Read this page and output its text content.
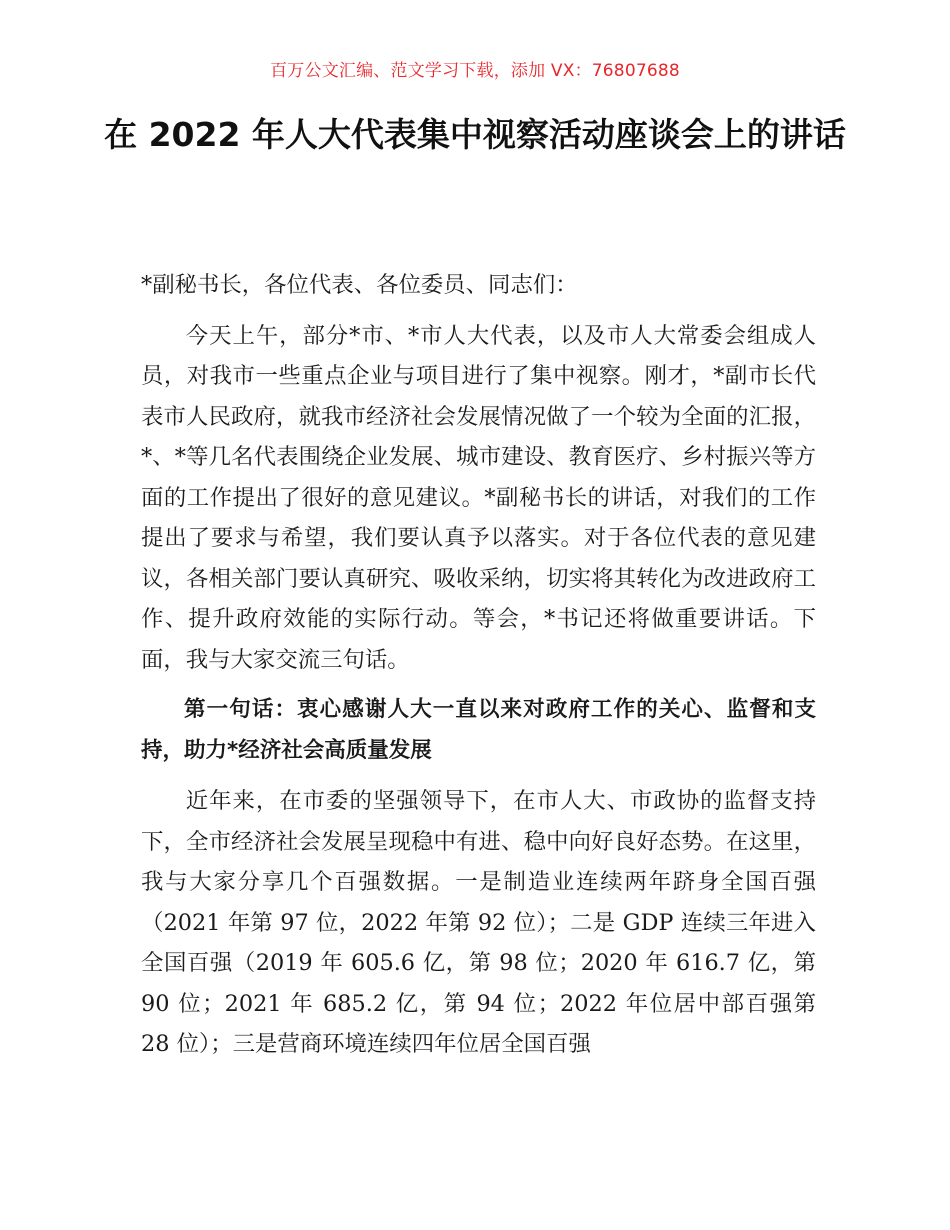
百万公文汇编、范文学习下载，添加 VX：76807688
在 2022 年人大代表集中视察活动座谈会上的讲话

*副秘书长，各位代表、各位委员、同志们：

今天上午，部分*市、*市人大代表，以及市人大常委会组成人员，对我市一些重点企业与项目进行了集中视察。刚才，*副市长代表市人民政府，就我市经济社会发展情况做了一个较为全面的汇报，*、*等几名代表围绕企业发展、城市建设、教育医疗、乡村振兴等方面的工作提出了很好的意见建议。*副秘书长的讲话，对我们的工作提出了要求与希望，我们要认真予以落实。对于各位代表的意见建议，各相关部门要认真研究、吸收采纳，切实将其转化为改进政府工作、提升政府效能的实际行动。等会，*书记还将做重要讲话。下面，我与大家交流三句话。

第一句话：衷心感谢人大一直以来对政府工作的关心、监督和支持，助力*经济社会高质量发展

近年来，在市委的坚强领导下，在市人大、市政协的监督支持下，全市经济社会发展呈现稳中有进、稳中向好良好态势。在这里，我与大家分享几个百强数据。一是制造业连续两年跻身全国百强（2021 年第 97 位，2022 年第 92 位）；二是 GDP 连续三年进入全国百强（2019 年 605.6 亿，第 98 位；2020 年 616.7 亿，第 90 位；2021 年 685.2 亿，第 94 位；2022 年位居中部百强第 28 位）；三是营商环境连续四年位居全国百强
